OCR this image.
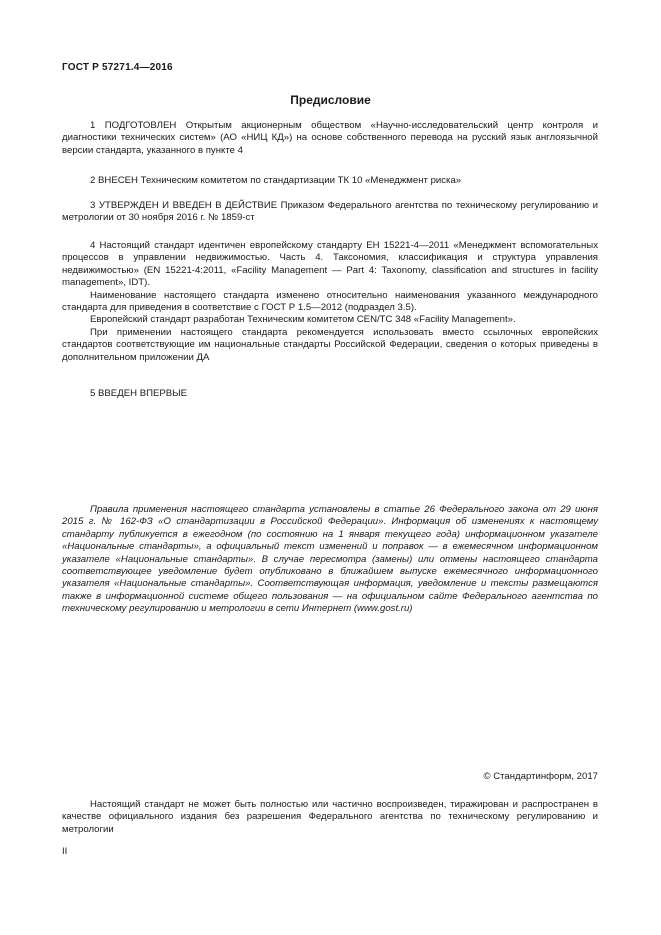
ГОСТ Р 57271.4—2016
Предисловие

1 ПОДГОТОВЛЕН Открытым акционерным обществом «Научно-исследовательский центр контроля и диагностики технических систем» (АО «НИЦ КД») на основе собственного перевода на русский язык англоязычной версии стандарта, указанного в пункте 4

2 ВНЕСЕН Техническим комитетом по стандартизации ТК 10 «Менеджмент риска»

3 УТВЕРЖДЕН И ВВЕДЕН В ДЕЙСТВИЕ Приказом Федерального агентства по техническому регулированию и метрологии от 30 ноября 2016 г. № 1859-ст

4 Настоящий стандарт идентичен европейскому стандарту ЕН 15221-4—2011 «Менеджмент вспомогательных процессов в управлении недвижимостью. Часть 4. Таксономия, классификация и структура управления недвижимостью» (EN 15221-4:2011, «Facility Management — Part 4: Taxonomy, classification and structures in facility management», IDT).

Наименование настоящего стандарта изменено относительно наименования указанного международного стандарта для приведения в соответствие с ГОСТ Р 1.5—2012 (подраздел 3.5).

Европейский стандарт разработан Техническим комитетом CEN/TC 348 «Facility Management».

При применении настоящего стандарта рекомендуется использовать вместо ссылочных европейских стандартов соответствующие им национальные стандарты Российской Федерации, сведения о которых приведены в дополнительном приложении ДА

5 ВВЕДЕН ВПЕРВЫЕ

Правила применения настоящего стандарта установлены в статье 26 Федерального закона от 29 июня 2015 г. № 162-ФЗ «О стандартизации в Российской Федерации». Информация об изменениях к настоящему стандарту публикуется в ежегодном (по состоянию на 1 января текущего года) информационном указателе «Национальные стандарты», а официальный текст изменений и поправок — в ежемесячном информационном указателе «Национальные стандарты». В случае пересмотра (замены) или отмены настоящего стандарта соответствующее уведомление будет опубликовано в ближайшем выпуске ежемесячного информационного указателя «Национальные стандарты». Соответствующая информация, уведомление и тексты размещаются также в информационной системе общего пользования — на официальном сайте Федерального агентства по техническому регулированию и метрологии в сети Интернет (www.gost.ru)

© Стандартинформ, 2017

Настоящий стандарт не может быть полностью или частично воспроизведен, тиражирован и распространен в качестве официального издания без разрешения Федерального агентства по техническому регулированию и метрологии

II
